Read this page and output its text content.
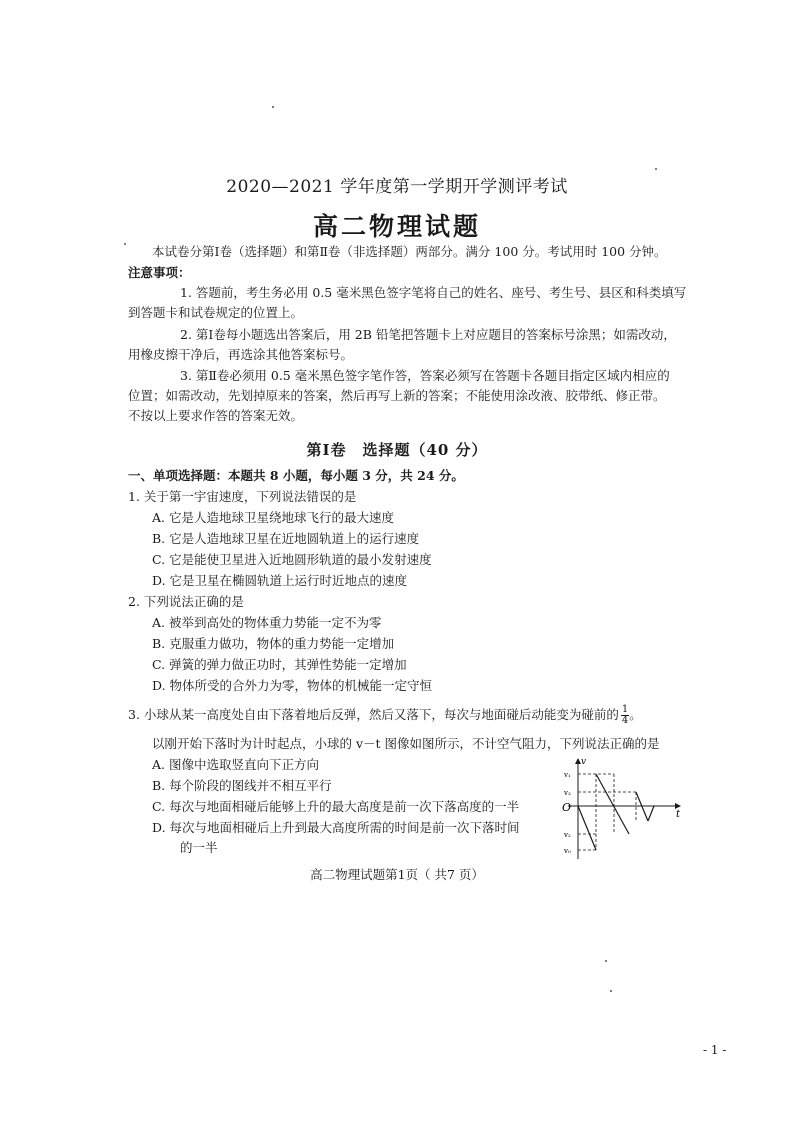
2020—2021 学年度第一学期开学测评考试
高二物理试题
本试卷分第Ⅰ卷（选择题）和第Ⅱ卷（非选择题）两部分。满分 100 分。考试用时 100 分钟。
注意事项：
1. 答题前，考生务必用 0.5 毫米黑色签字笔将自己的姓名、座号、考生号、县区和科类填写
到答题卡和试卷规定的位置上。
2. 第Ⅰ卷每小题选出答案后，用 2B 铅笔把答题卡上对应题目的答案标号涂黑；如需改动，
用橡皮擦干净后，再选涂其他答案标号。
3. 第Ⅱ卷必须用 0.5 毫米黑色签字笔作答，答案必须写在答题卡各题目指定区域内相应的
位置；如需改动，先划掉原来的答案，然后再写上新的答案；不能使用涂改液、胶带纸、修正带。
不按以上要求作答的答案无效。
第Ⅰ卷　选择题（40 分）
一、单项选择题：本题共 8 小题，每小题 3 分，共 24 分。
1. 关于第一宇宙速度，下列说法错误的是
A. 它是人造地球卫星绕地球飞行的最大速度
B. 它是人造地球卫星在近地圆轨道上的运行速度
C. 它是能使卫星进入近地圆形轨道的最小发射速度
D. 它是卫星在椭圆轨道上运行时近地点的速度
2. 下列说法正确的是
A. 被举到高处的物体重力势能一定不为零
B. 克服重力做功，物体的重力势能一定增加
C. 弹簧的弹力做正功时，其弹性势能一定增加
D. 物体所受的合外力为零，物体的机械能一定守恒
3. 小球从某一高度处自由下落着地后反弹，然后又落下，每次与地面碰后动能变为碰前的 $\frac{1}{4}$ 。
以刚开始下落时为计时起点，小球的 v－t 图像如图所示，不计空气阻力，下列说法正确的是
A. 图像中选取竖直向下正方向
B. 每个阶段的图线并不相互平行
C. 每次与地面相碰后能够上升的最大高度是前一次下落高度的一半
D. 每次与地面相碰后上升到最大高度所需的时间是前一次下落时间
的一半
v
t
O
v₁
v₃
v₂
v₀
高二物理试题第1页（ 共7 页）
- 1 -
